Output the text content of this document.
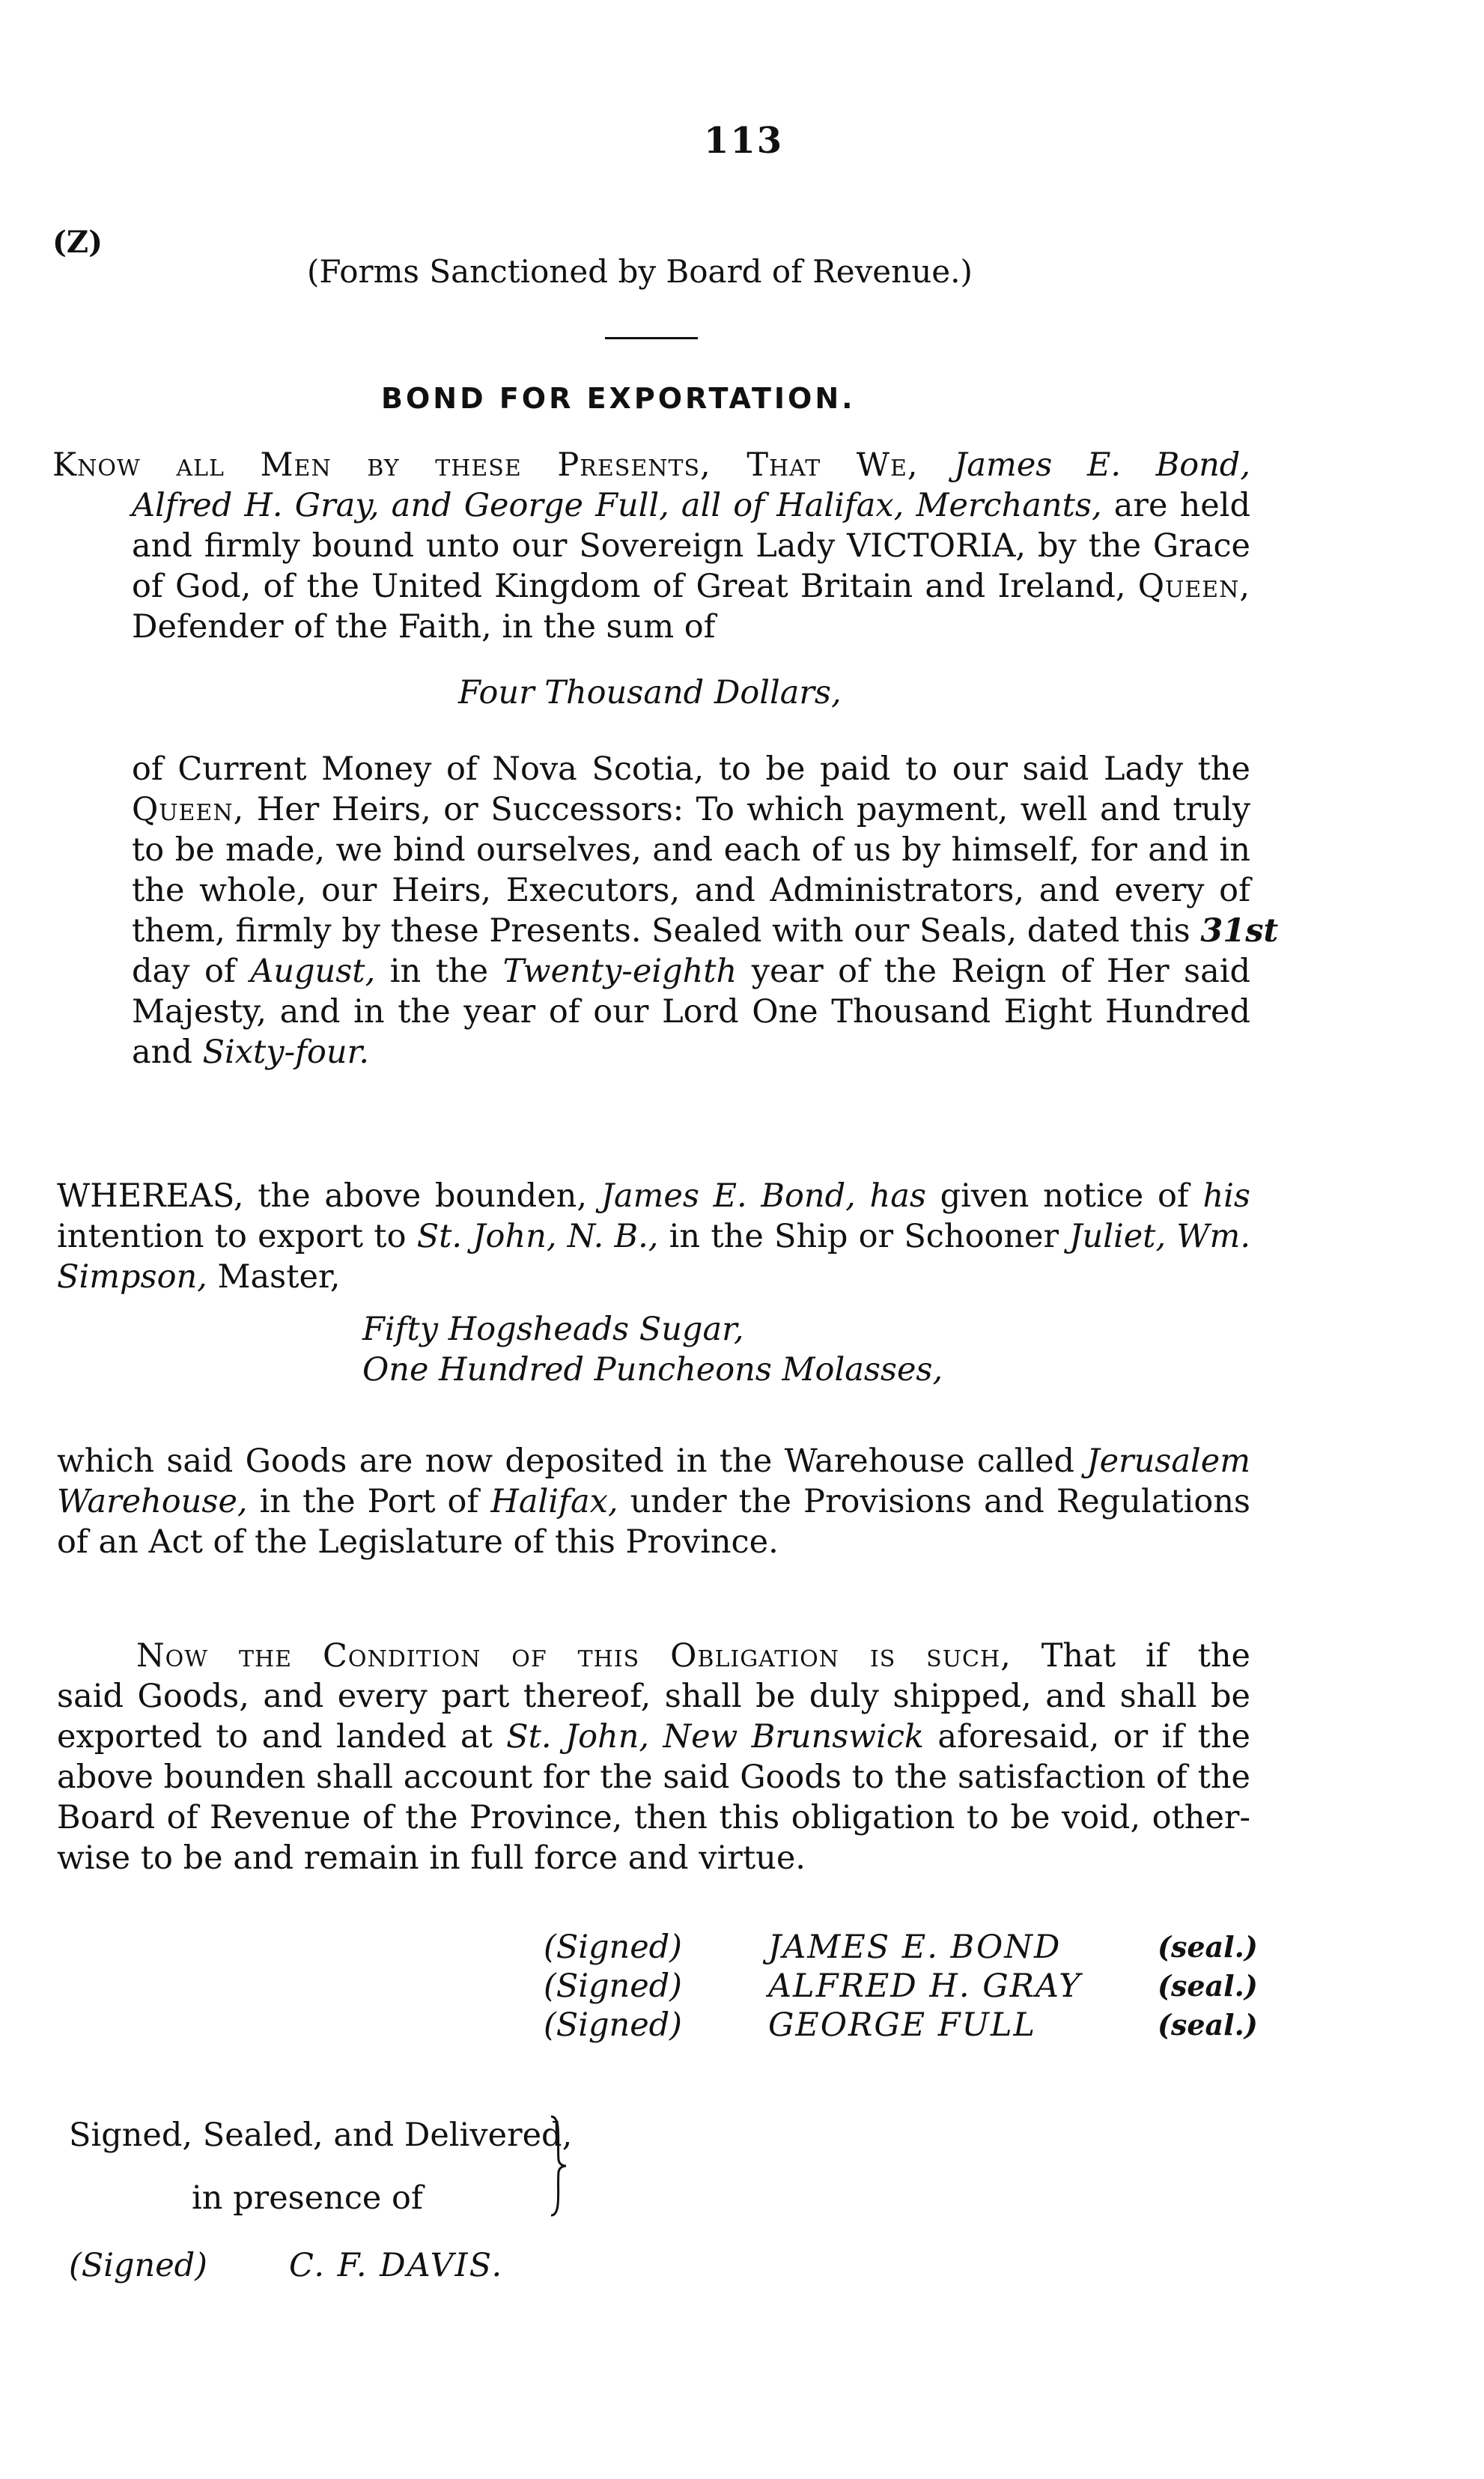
113
(Z)
(Forms Sanctioned by Board of Revenue.)
BOND FOR EXPORTATION.

Know all Men by these Presents, That We, James E. Bond,

Alfred H. Gray, and George Full, all of Halifax, Merchants, are held

and firmly bound unto our Sovereign Lady VICTORIA, by the Grace

of God, of the United Kingdom of Great Britain and Ireland, Queen,

Defender of the Faith, in the sum of

Four Thousand Dollars,

of Current Money of Nova Scotia, to be paid to our said Lady the

Queen, Her Heirs, or Successors: To which payment, well and truly

to be made, we bind ourselves, and each of us by himself, for and in

the whole, our Heirs, Executors, and Administrators, and every of

them, firmly by these Presents. Sealed with our Seals, dated this 31st

day of August, in the Twenty-eighth year of the Reign of Her said

Majesty, and in the year of our Lord One Thousand Eight Hundred

and Sixty-four.

WHEREAS, the above bounden, James E. Bond, has given notice of his

intention to export to St. John, N. B., in the Ship or Schooner Juliet, Wm.

Simpson, Master,

Fifty Hogsheads Sugar,
One Hundred Puncheons Molasses,

which said Goods are now deposited in the Warehouse called Jerusalem

Warehouse, in the Port of Halifax, under the Provisions and Regulations

of an Act of the Legislature of this Province.

Now the Condition of this Obligation is such, That if the

said Goods, and every part thereof, shall be duly shipped, and shall be

exported to and landed at St. John, New Brunswick aforesaid, or if the

above bounden shall account for the said Goods to the satisfaction of the

Board of Revenue of the Province, then this obligation to be void, other-

wise to be and remain in full force and virtue.

(Signed)	JAMES E. BOND	(seal.)
(Signed)	ALFRED H. GRAY	(seal.)
(Signed)	GEORGE FULL	(seal.)
Signed, Sealed, and Delivered,
in presence of
(Signed)	C. F. DAVIS.
